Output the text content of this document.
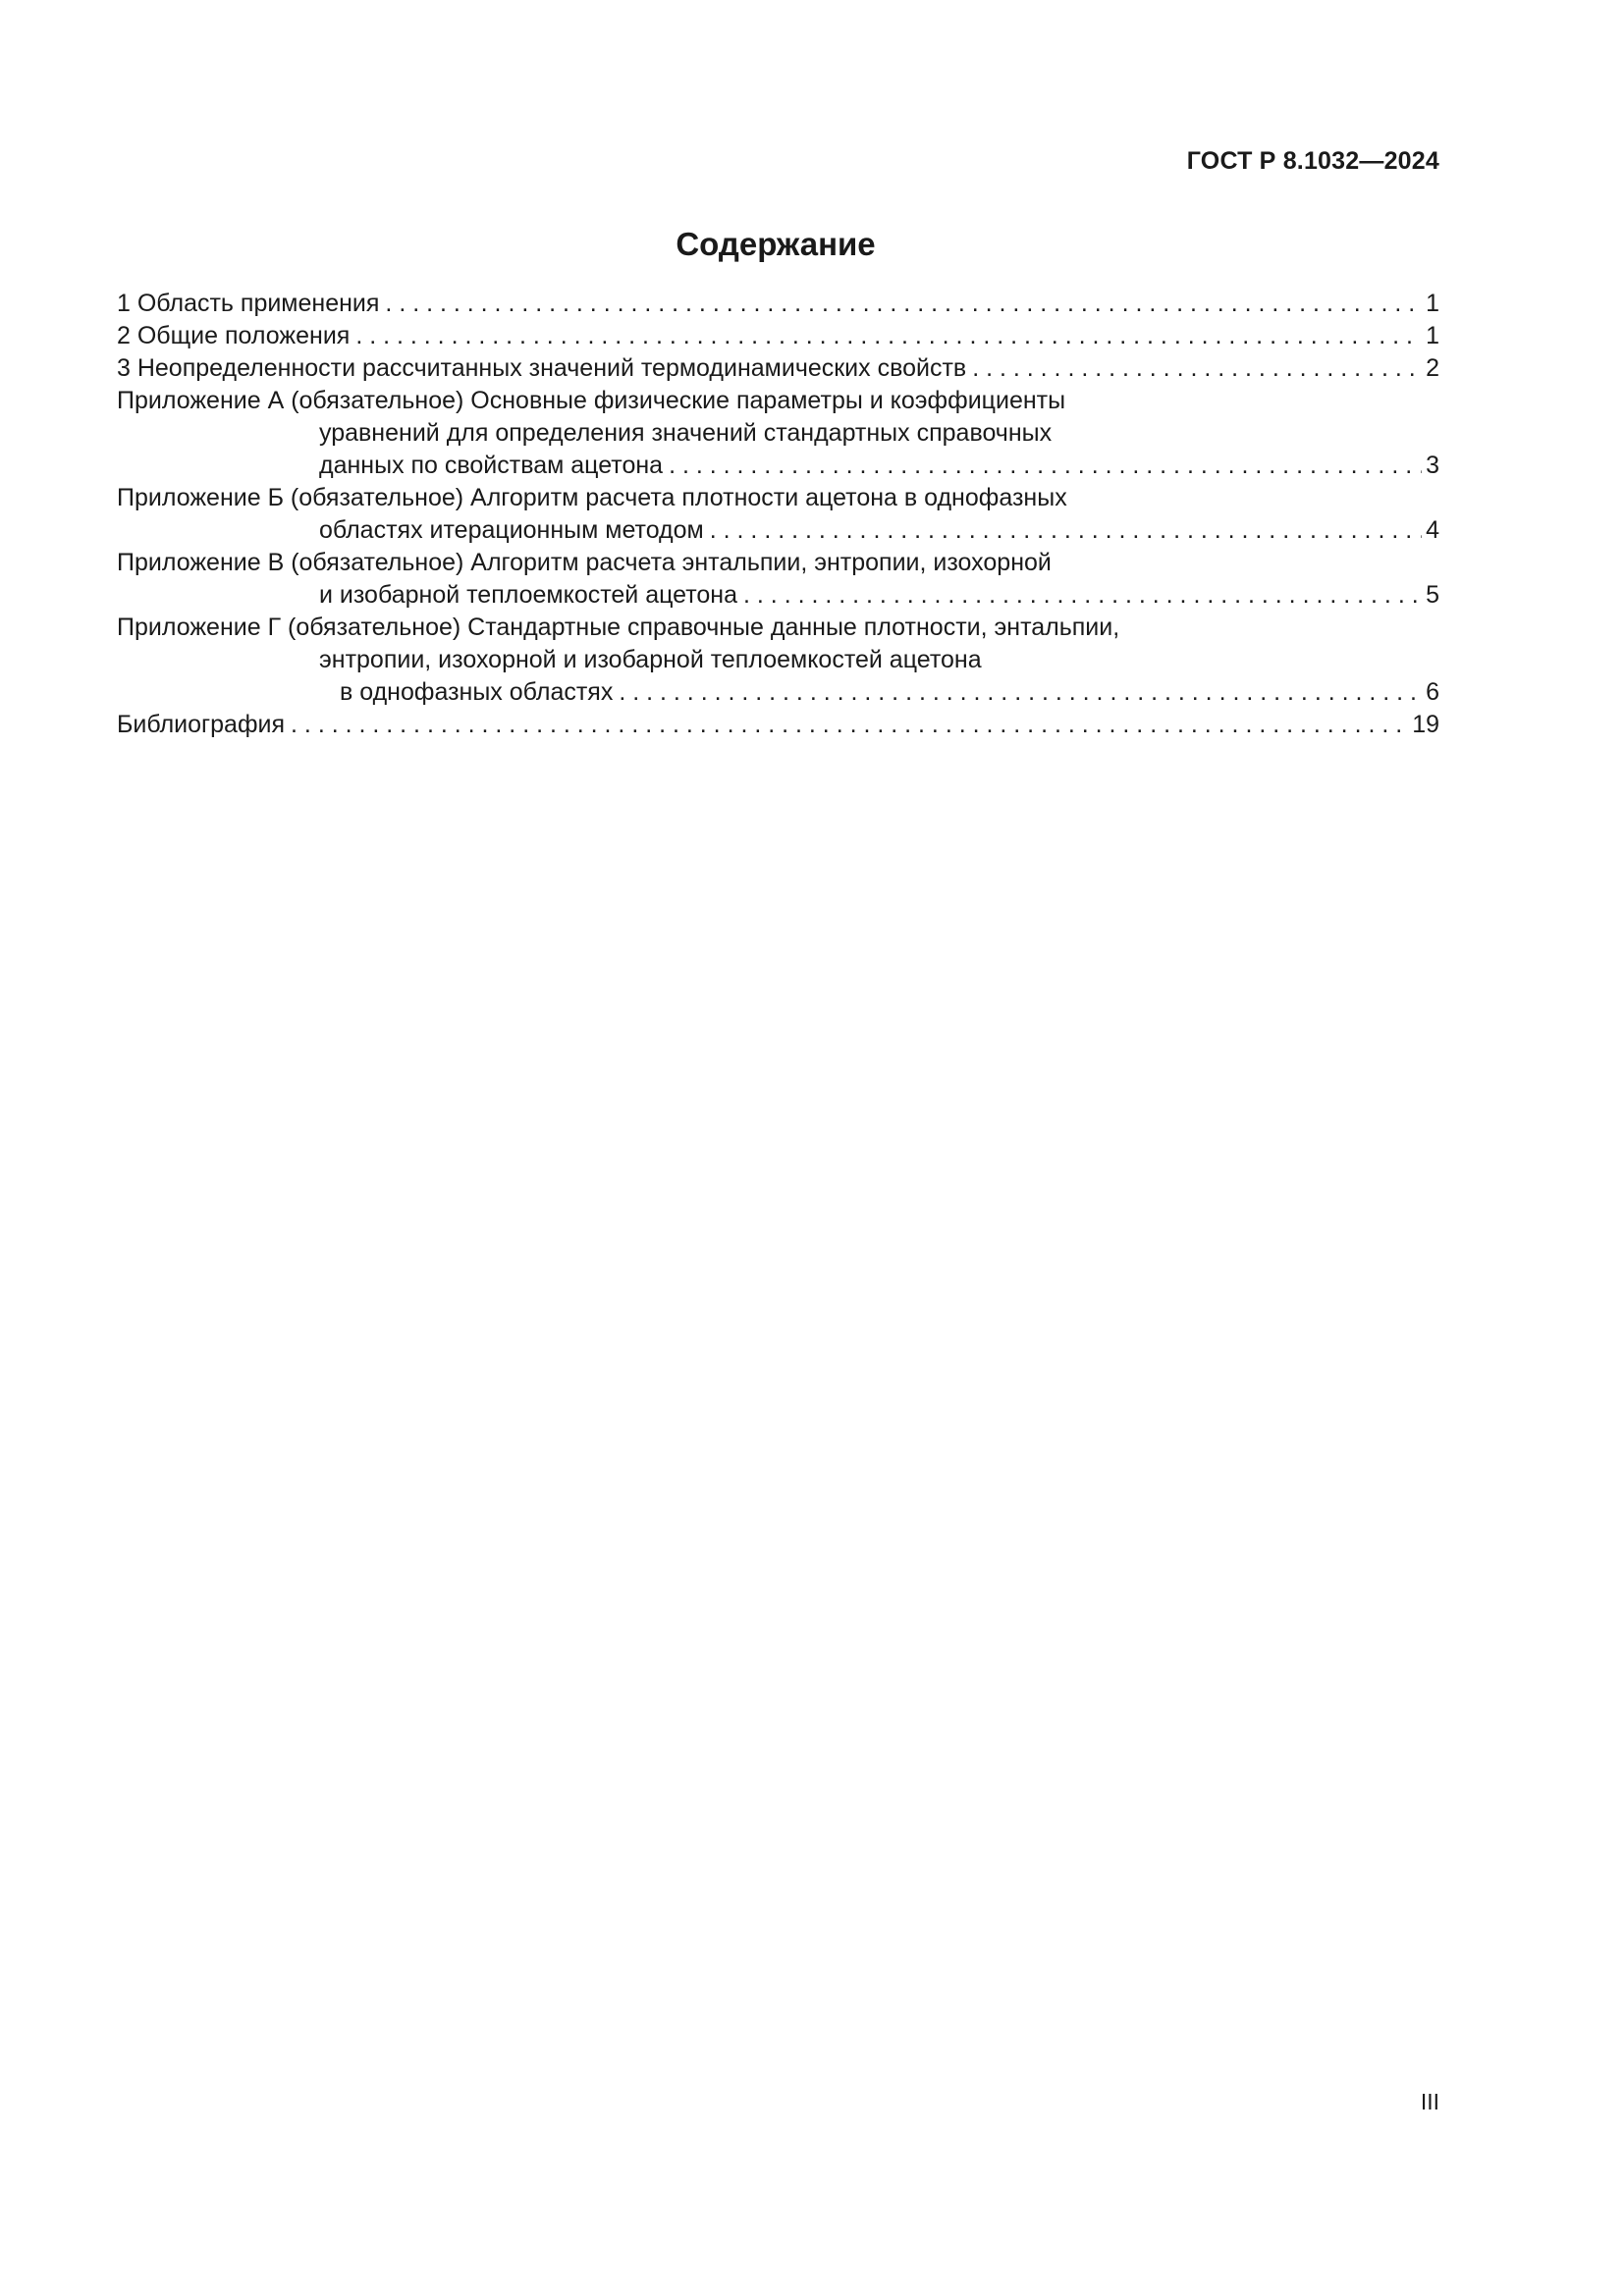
ГОСТ Р 8.1032—2024
Содержание
1 Область применения . . .	1
2 Общие положения . . .	1
3 Неопределенности рассчитанных значений термодинамических свойств . . .	2
Приложение А (обязательное) Основные физические параметры и коэффициенты
уравнений для определения значений стандартных справочных
данных по свойствам ацетона . . .	3
Приложение Б (обязательное) Алгоритм расчета плотности ацетона в однофазных
областях итерационным методом . . .	4
Приложение В (обязательное) Алгоритм расчета энтальпии, энтропии, изохорной
и изобарной теплоемкостей ацетона . . .	5
Приложение Г (обязательное) Стандартные справочные данные плотности, энтальпии,
энтропии, изохорной и изобарной теплоемкостей ацетона
в однофазных областях . . .	6
Библиография . . .	19
III
